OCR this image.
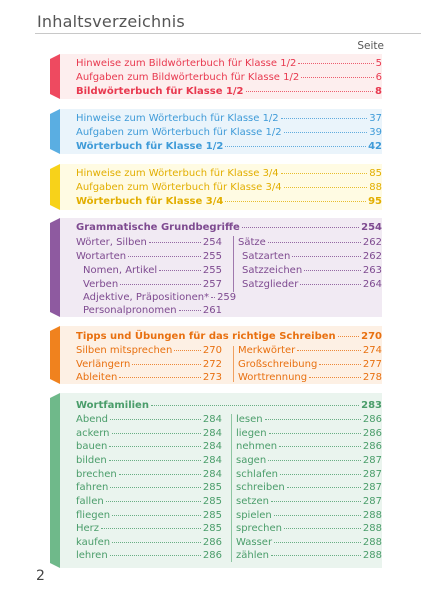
Inhaltsverzeichnis
Seite
Hinweise zum Bildwörterbuch für Klasse 1/2	5
Aufgaben zum Bildwörterbuch für Klasse 1/2	6
Bildwörterbuch für Klasse 1/2	8
Hinweise zum Wörterbuch für Klasse 1/2	37
Aufgaben zum Wörterbuch für Klasse 1/2	39
Wörterbuch für Klasse 1/2	42
Hinweise zum Wörterbuch für Klasse 3/4	85
Aufgaben zum Wörterbuch für Klasse 3/4	88
Wörterbuch für Klasse 3/4	95
Grammatische Grundbegriffe	254
Wörter, Silben	254
Wortarten	255
Nomen, Artikel	255
Verben	257
Adjektive, Präpositionen* 259
Personalpronomen	261
Sätze	262
Satzarten	262
Satzzeichen	263
Satzglieder	264
Tipps und Übungen für das richtige Schreiben	270
Silben mitsprechen	270
Verlängern	272
Ableiten	273
Merkwörter	274
Großschreibung	277
Worttrennung	278
Wortfamilien	283
Abend	284
ackern	284
bauen	284
bilden	284
brechen	284
fahren	285
fallen	285
fliegen	285
Herz	285
kaufen	286
lehren	286
lesen	286
liegen	286
nehmen	286
sagen	287
schlafen	287
schreiben	287
setzen	287
spielen	288
sprechen	288
Wasser	288
zählen	288
2
